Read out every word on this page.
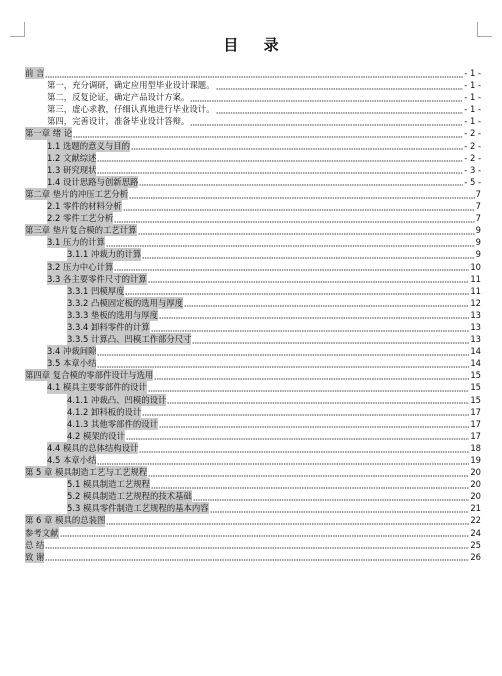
目 录
前 言	- 1 -
第一，充分调研，确定应用型毕业设计课题。	- 1 -
第二，反复论证，确定产品设计方案。	- 1 -
第三，虚心求教，仔细认真地进行毕业设计。	- 1 -
第四，完善设计，准备毕业设计答辩。	- 1 -
第一章 绪 论	- 2 -
1.1 选题的意义与目的	- 2 -
1.2 文献综述	- 2 -
1.3 研究现状	- 3 -
1.4 设计思路与创新思路	- 5 -
第二章 垫片的冲压工艺分析	7
2.1 零件的材料分析	7
2.2 零件工艺分析	7
第三章 垫片复合模的工艺计算	9
3.1 压力的计算	9
3.1.1 冲裁力的计算	9
3.2 压力中心计算	10
3.3 各主要零件尺寸的计算	11
3.3.1 凹模厚度	11
3.3.2 凸模固定板的选用与厚度	12
3.3.3 垫板的选用与厚度	13
3.3.4 卸料零件的计算	13
3.3.5 计算凸、凹模工作部分尺寸	13
3.4 冲裁间隙	14
3.5 本章小结	14
第四章 复合模的零部件设计与选用	15
4.1 模具主要零部件的设计	15
4.1.1 冲裁凸、凹模的设计	15
4.1.2 卸料板的设计	17
4.1.3 其他零部件的设计	17
4.2 模架的设计	17
4.4 模具的总体结构设计	18
4.5 本章小结	19
第 5 章 模具制造工艺与工艺规程	20
5.1 模具制造工艺规程	20
5.2 模具制造工艺规程的技术基础	20
5.3 模具零件制造工艺规程的基本内容	21
第 6 章 模具的总装图	22
参考文献	24
总 结	25
致 谢	26
